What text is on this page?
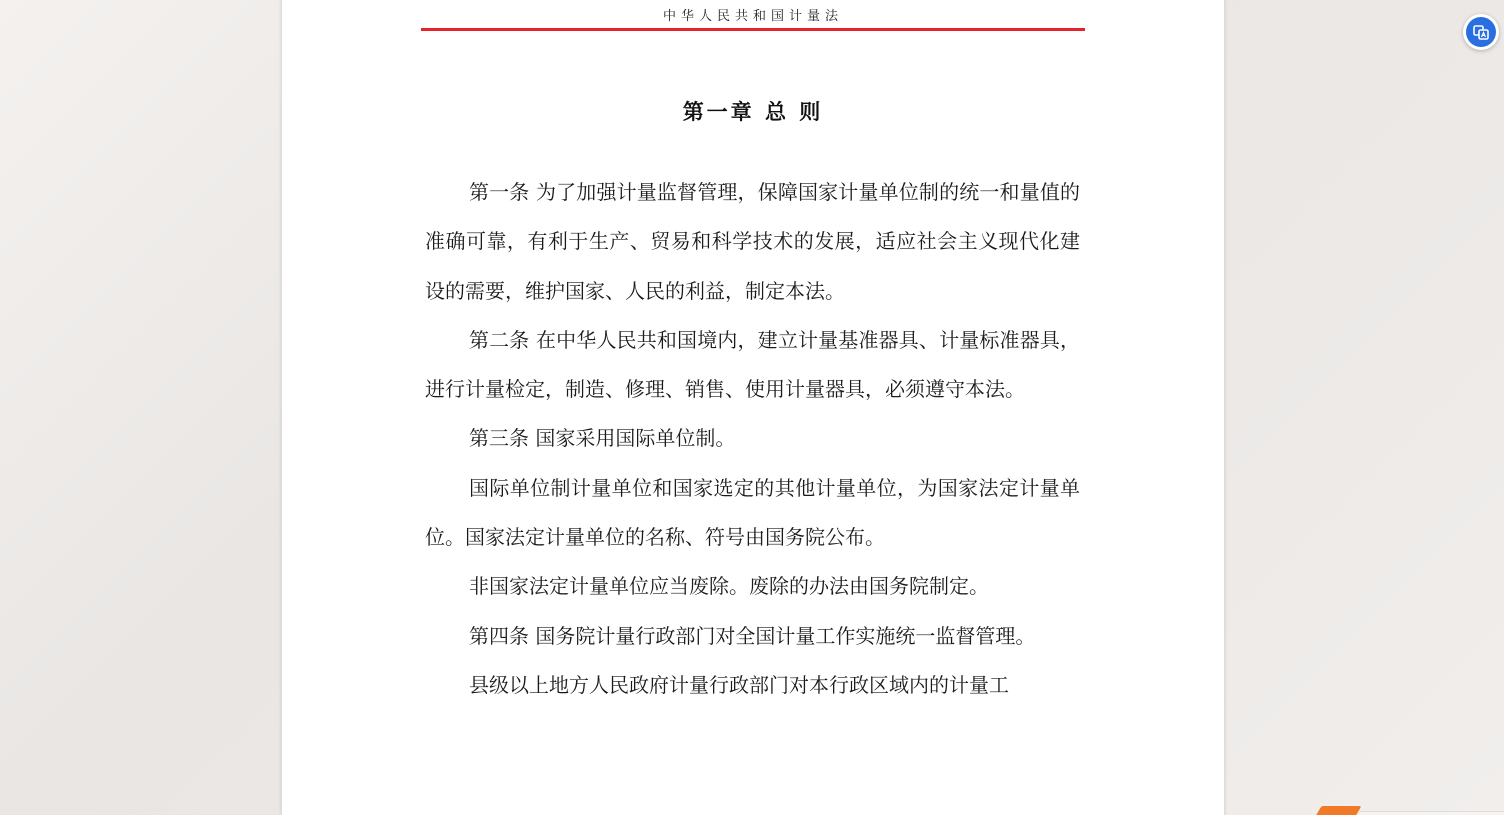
中华人民共和国计量法
第一章 总 则

第一条 为了加强计量监督管理，保障国家计量单位制的统一和量值的准确可靠，有利于生产、贸易和科学技术的发展，适应社会主义现代化建设的需要，维护国家、人民的利益，制定本法。

第二条 在中华人民共和国境内，建立计量基准器具、计量标准器具，进行计量检定，制造、修理、销售、使用计量器具，必须遵守本法。

第三条 国家采用国际单位制。

国际单位制计量单位和国家选定的其他计量单位，为国家法定计量单位。国家法定计量单位的名称、符号由国务院公布。

非国家法定计量单位应当废除。废除的办法由国务院制定。

第四条 国务院计量行政部门对全国计量工作实施统一监督管理。

县级以上地方人民政府计量行政部门对本行政区域内的计量工
